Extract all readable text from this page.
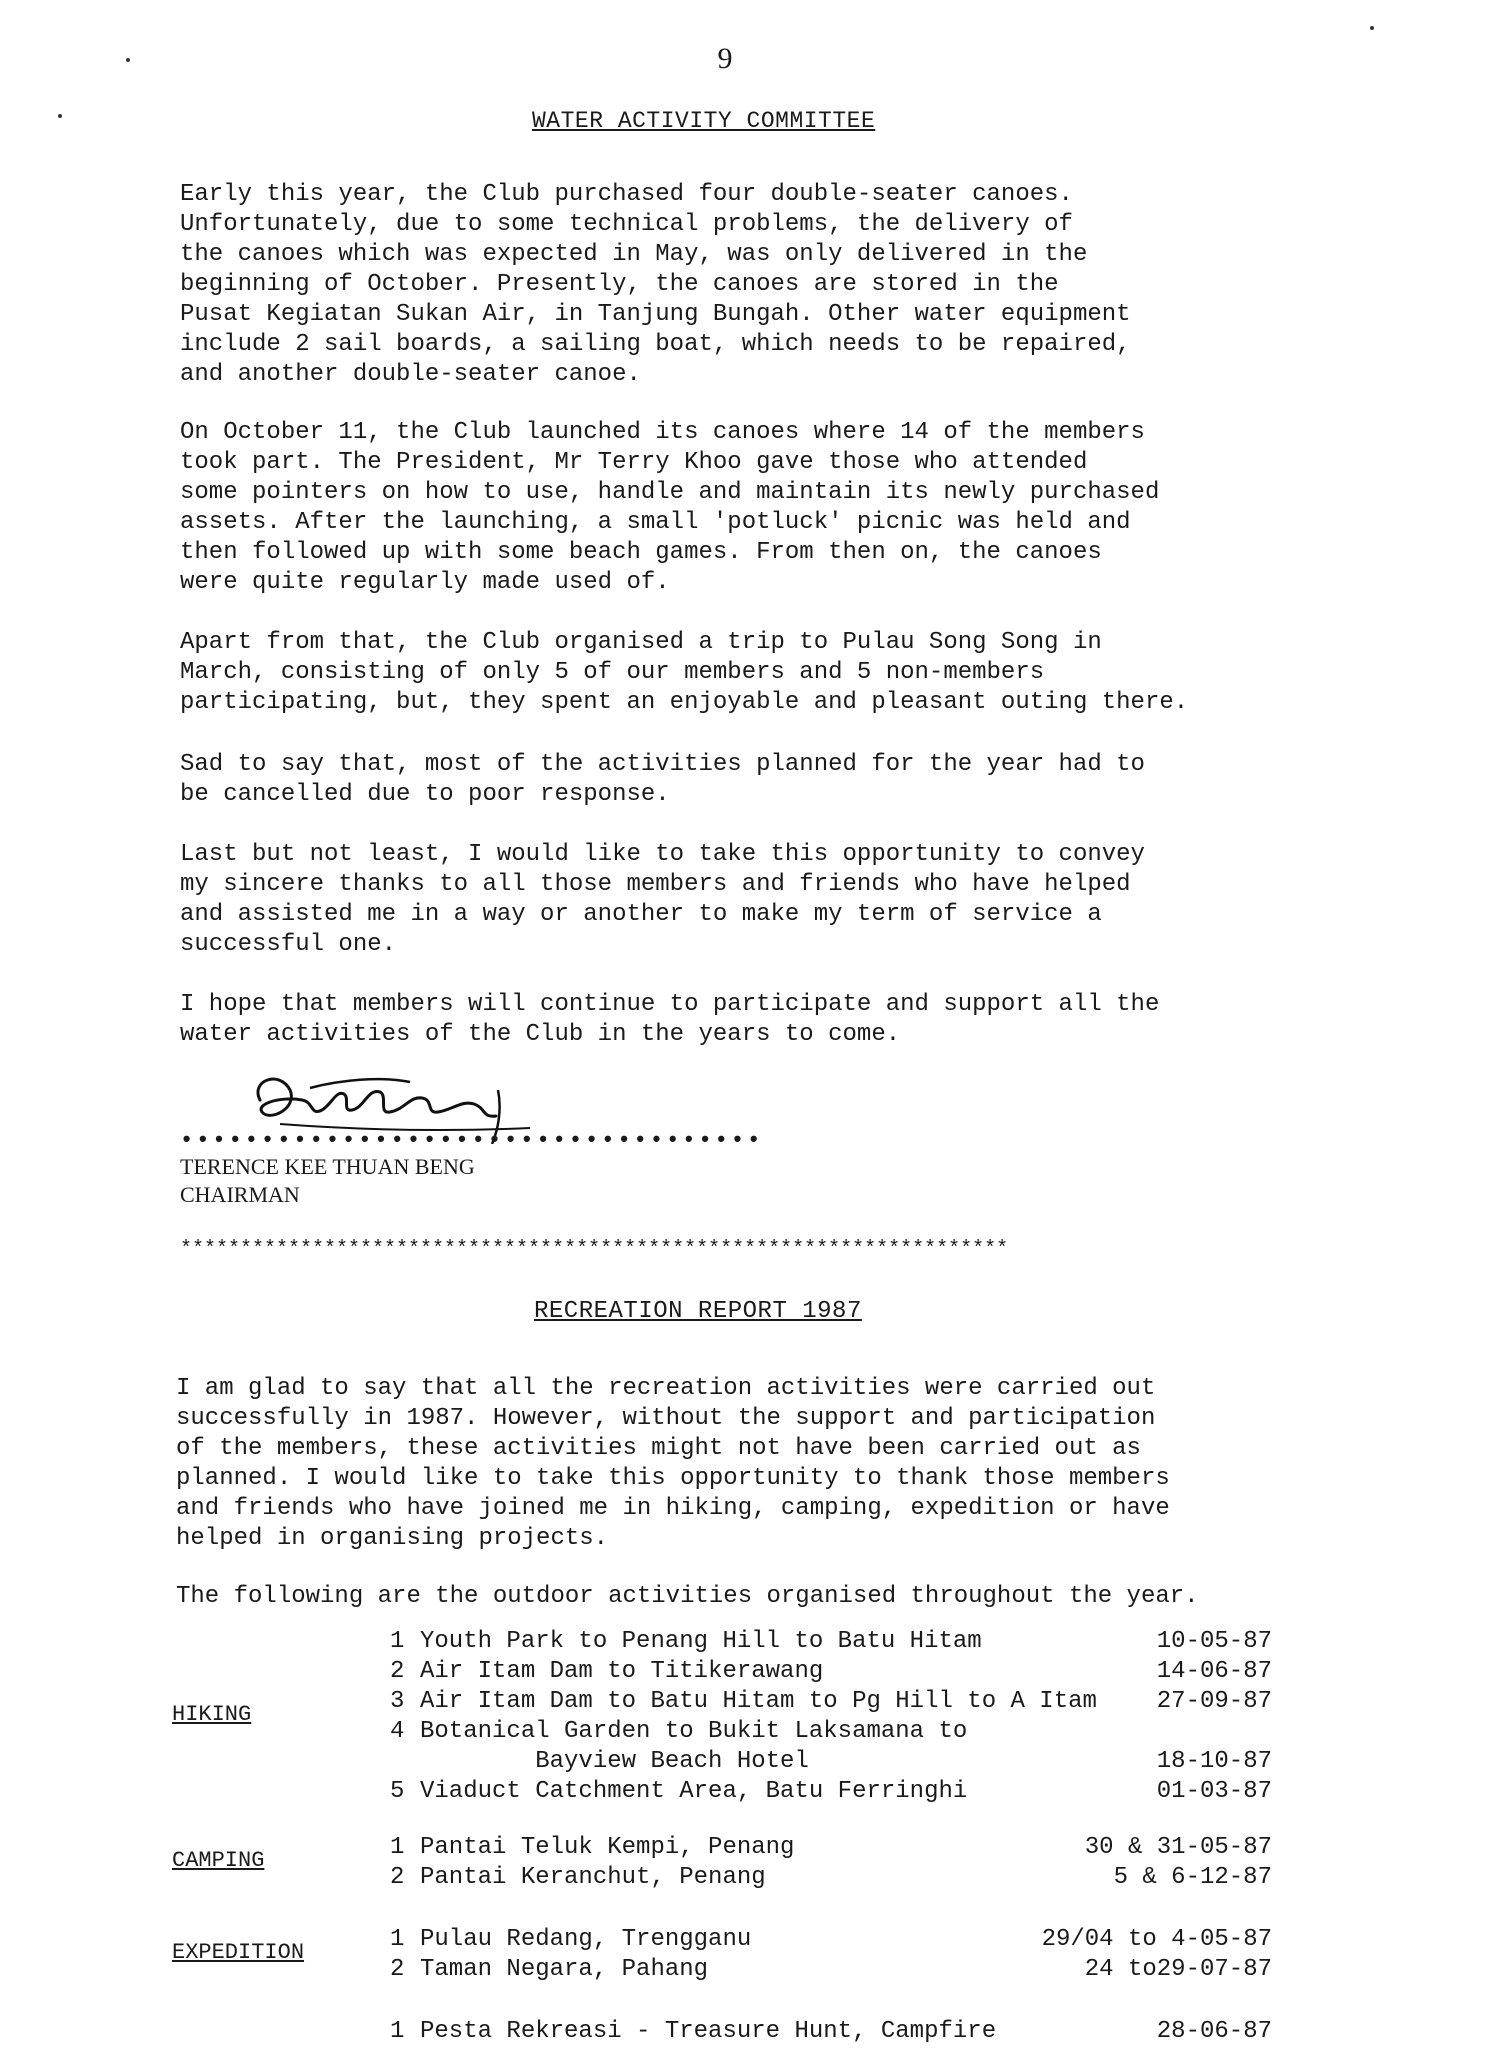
9
WATER ACTIVITY COMMITTEE

Early this year, the Club purchased four double-seater canoes.
Unfortunately, due to some technical problems, the delivery of
the canoes which was expected in May, was only delivered in the
beginning of October. Presently, the canoes are stored in the
Pusat Kegiatan Sukan Air, in Tanjung Bungah. Other water equipment
include 2 sail boards, a sailing boat, which needs to be repaired,
and another double-seater canoe.

On October 11, the Club launched its canoes where 14 of the members
took part. The President, Mr Terry Khoo gave those who attended
some pointers on how to use, handle and maintain its newly purchased
assets. After the launching, a small 'potluck' picnic was held and
then followed up with some beach games. From then on, the canoes
were quite regularly made used of.

Apart from that, the Club organised a trip to Pulau Song Song in
March, consisting of only 5 of our members and 5 non-members
participating, but, they spent an enjoyable and pleasant outing there.

Sad to say that, most of the activities planned for the year had to
be cancelled due to poor response.

Last but not least, I would like to take this opportunity to convey
my sincere thanks to all those members and friends who have helped
and assisted me in a way or another to make my term of service a
successful one.

I hope that members will continue to participate and support all the
water activities of the Club in the years to come.

••••••••••••••••••••••••••••••••••••
TERENCE KEE THUAN BENG
CHAIRMAN
*********************************************************************
RECREATION REPORT 1987

I am glad to say that all the recreation activities were carried out
successfully in 1987. However, without the support and participation
of the members, these activities might not have been carried out as
planned. I would like to take this opportunity to thank those members
and friends who have joined me in hiking, camping, expedition or have
helped in organising projects.

The following are the outdoor activities organised throughout the year.

HIKING
1 Youth Park to Penang Hill to Batu Hitam	10-05-87
2 Air Itam Dam to Titikerawang	14-06-87
3 Air Itam Dam to Batu Hitam to Pg Hill to A Itam 27-09-87
4 Botanical Garden to Bukit Laksamana to
Bayview Beach Hotel	18-10-87
5 Viaduct Catchment Area, Batu Ferringhi	01-03-87
CAMPING	1 Pantai Teluk Kempi, Penang	30 & 31-05-87
2 Pantai Keranchut, Penang	5 & 6-12-87
EXPEDITION	1 Pulau Redang, Trengganu	29/04 to 4-05-87
2 Taman Negara, Pahang	24 to29-07-87
1 Pesta Rekreasi - Treasure Hunt, Campfire	28-06-87
